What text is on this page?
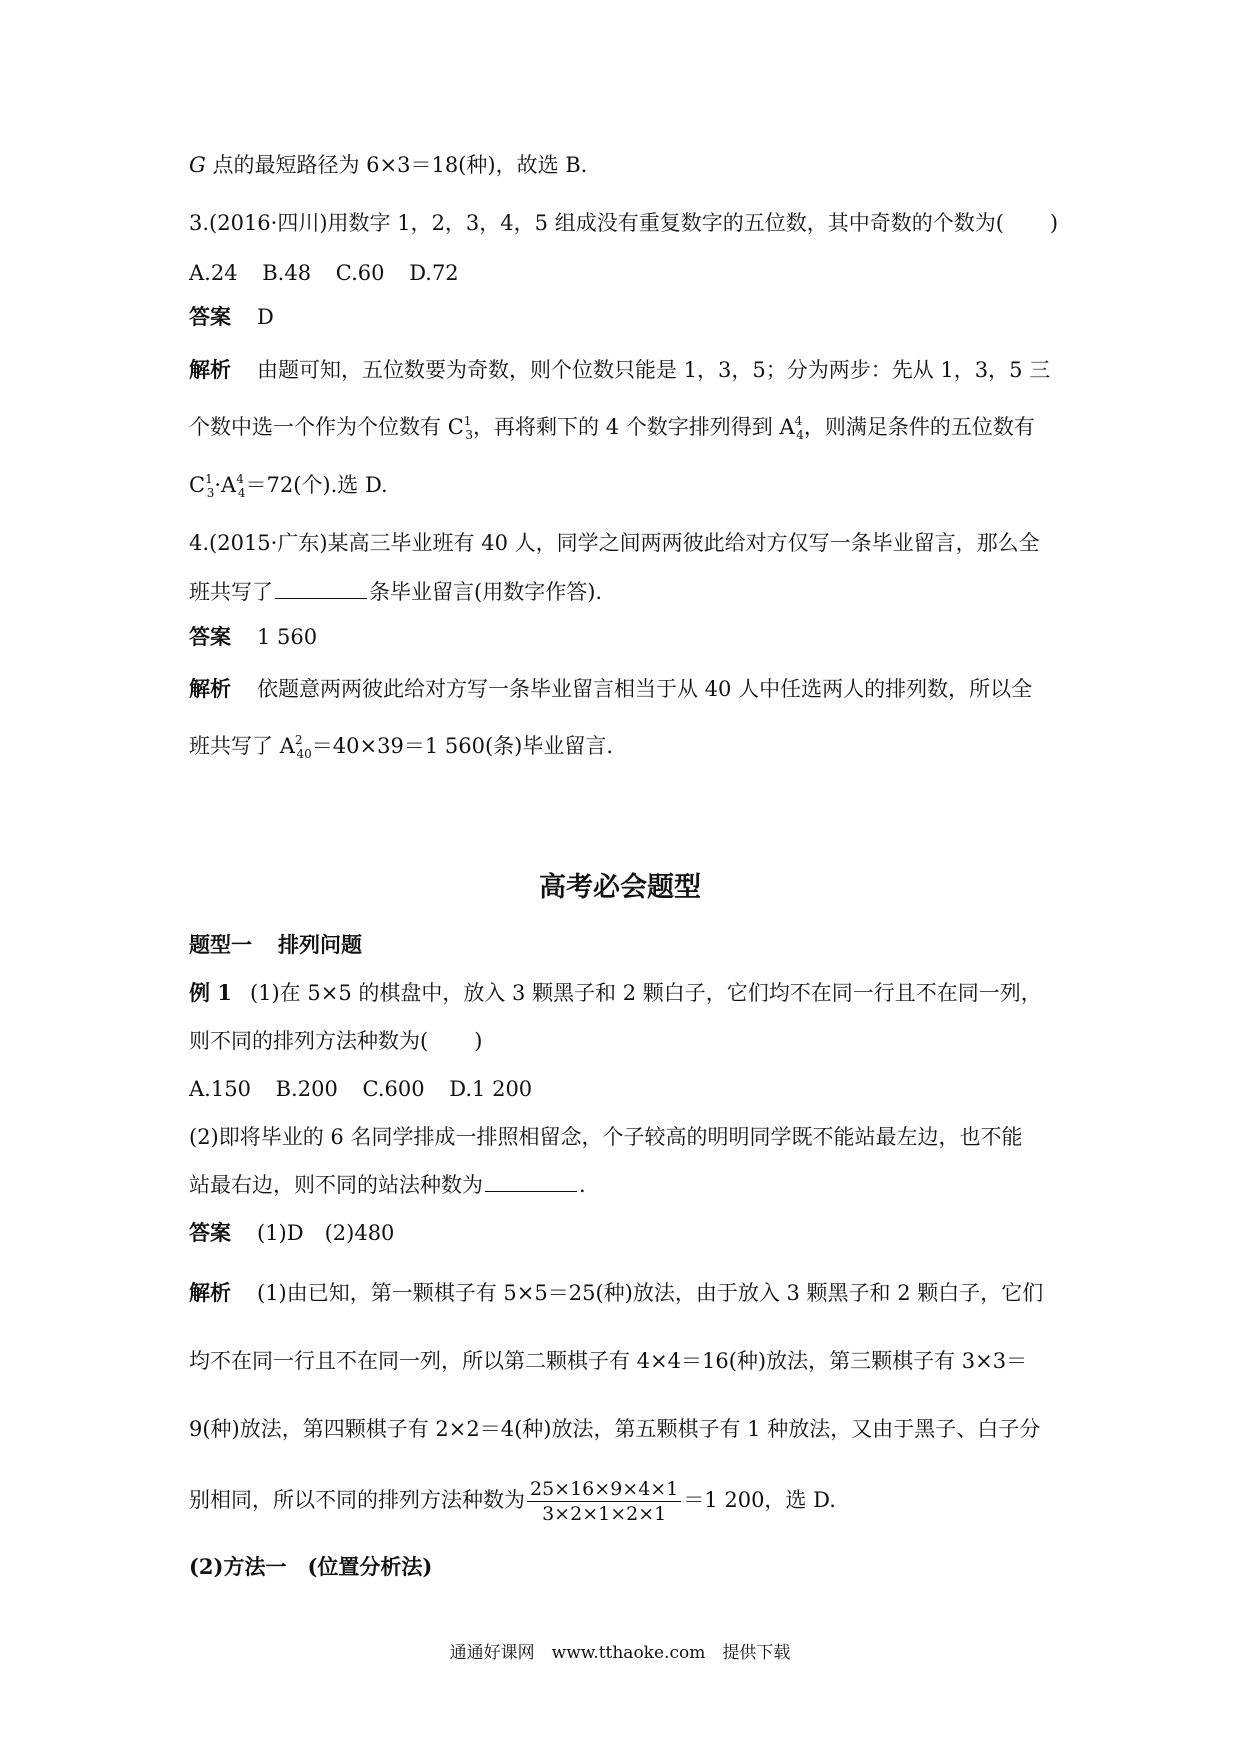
G 点的最短路径为 6×3＝18(种)，故选 B.
3.(2016·四川)用数字 1，2，3，4，5 组成没有重复数字的五位数，其中奇数的个数为( )
A.24 B.48 C.60 D.72
答案 D
解析 由题可知，五位数要为奇数，则个位数只能是 1，3，5；分为两步：先从 1，3，5 三
个数中选一个作为个位数有 $C^1_3$，再将剩下的 4 个数字排列得到 $A^4_4$，则满足条件的五位数有
$C^1_3\cdot A^4_4=72$(个).选 D.
4.(2015·广东)某高三毕业班有 40 人，同学之间两两彼此给对方仅写一条毕业留言，那么全
班共写了	条毕业留言(用数字作答).
答案 1 560
解析 依题意两两彼此给对方写一条毕业留言相当于从 40 人中任选两人的排列数，所以全
班共写了 $A^2_{40}=40\times 39=1$ 560(条)毕业留言.
高考必会题型
题型一 排列问题
例 1 (1)在 5×5 的棋盘中，放入 3 颗黑子和 2 颗白子，它们均不在同一行且不在同一列，
则不同的排列方法种数为( )
A.150 B.200 C.600 D.1 200
(2)即将毕业的 6 名同学排成一排照相留念，个子较高的明明同学既不能站最左边，也不能
站最右边，则不同的站法种数为	.
答案 (1)D　(2)480
解析 (1)由已知，第一颗棋子有 5×5＝25(种)放法，由于放入 3 颗黑子和 2 颗白子，它们
均不在同一行且不在同一列，所以第二颗棋子有 4×4＝16(种)放法，第三颗棋子有 3×3＝
9(种)放法，第四颗棋子有 2×2＝4(种)放法，第五颗棋子有 1 种放法，又由于黑子、白子分
别相同，所以不同的排列方法种数为 $\frac{25\times 16\times 9\times 4\times 1}{3\times 2\times 1\times 2\times 1} =1$ 200，选 D.
(2)方法一　(位置分析法)
通通好课网　www.tthaoke.com　提供下载
